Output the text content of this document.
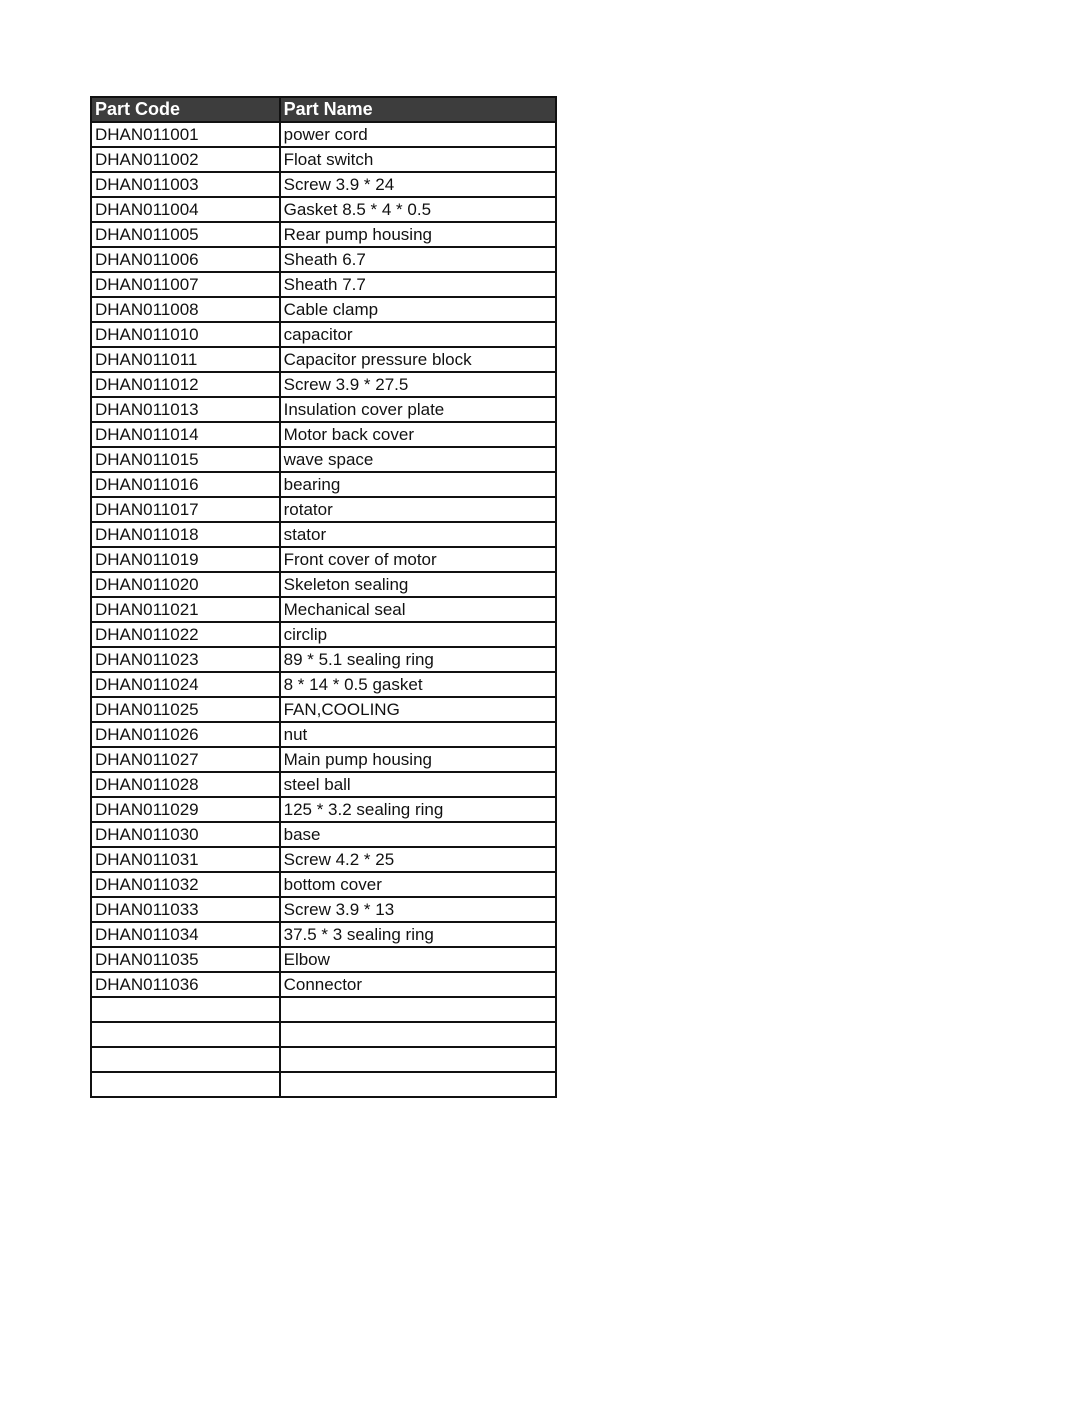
Part Code	Part Name
DHAN011001	power cord
DHAN011002	Float switch
DHAN011003	Screw 3.9 * 24
DHAN011004	Gasket 8.5 * 4 * 0.5
DHAN011005	Rear pump housing
DHAN011006	Sheath 6.7
DHAN011007	Sheath 7.7
DHAN011008	Cable clamp
DHAN011010	capacitor
DHAN011011	Capacitor pressure block
DHAN011012	Screw 3.9 * 27.5
DHAN011013	Insulation cover plate
DHAN011014	Motor back cover
DHAN011015	wave space
DHAN011016	bearing
DHAN011017	rotator
DHAN011018	stator
DHAN011019	Front cover of motor
DHAN011020	Skeleton sealing
DHAN011021	Mechanical seal
DHAN011022	circlip
DHAN011023	89 * 5.1 sealing ring
DHAN011024	8 * 14 * 0.5 gasket
DHAN011025	FAN,COOLING
DHAN011026	nut
DHAN011027	Main pump housing
DHAN011028	steel ball
DHAN011029	125 * 3.2 sealing ring
DHAN011030	base
DHAN011031	Screw 4.2 * 25
DHAN011032	bottom cover
DHAN011033	Screw 3.9 * 13
DHAN011034	37.5 * 3 sealing ring
DHAN011035	Elbow
DHAN011036	Connector
